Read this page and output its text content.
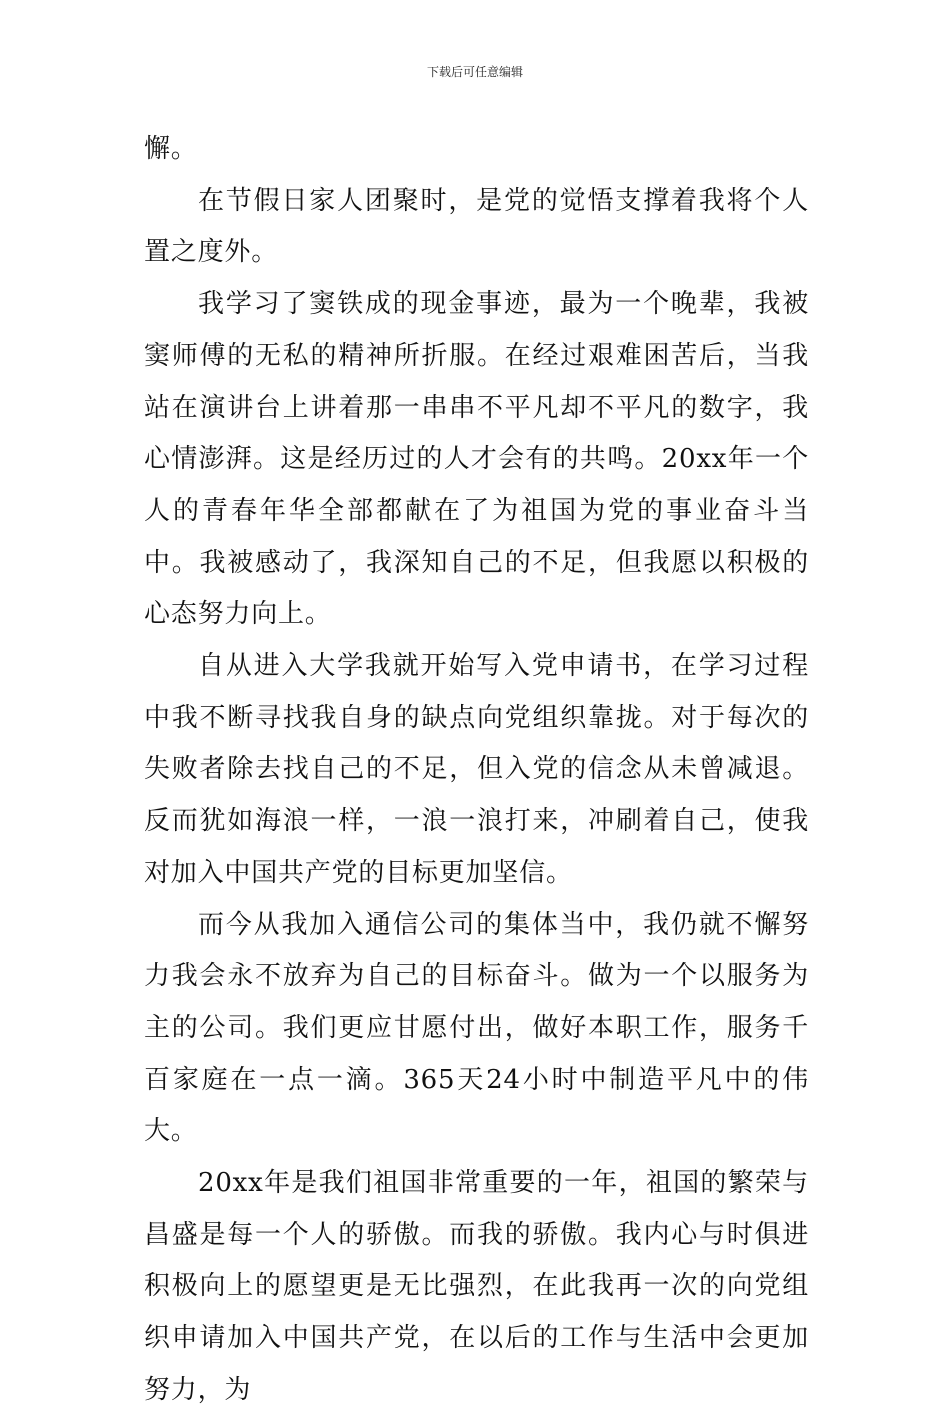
下载后可任意编辑

懈。

在节假日家人团聚时，是党的觉悟支撑着我将个人置之度外。

我学习了窦铁成的现金事迹，最为一个晚辈，我被窦师傅的无私的精神所折服。在经过艰难困苦后，当我站在演讲台上讲着那一串串不平凡却不平凡的数字，我心情澎湃。这是经历过的人才会有的共鸣。20xx年一个人的青春年华全部都献在了为祖国为党的事业奋斗当中。我被感动了，我深知自己的不足，但我愿以积极的心态努力向上。

自从进入大学我就开始写入党申请书，在学习过程中我不断寻找我自身的缺点向党组织靠拢。对于每次的失败者除去找自己的不足，但入党的信念从未曾减退。反而犹如海浪一样，一浪一浪打来，冲刷着自己，使我对加入中国共产党的目标更加坚信。

而今从我加入通信公司的集体当中，我仍就不懈努力我会永不放弃为自己的目标奋斗。做为一个以服务为主的公司。我们更应甘愿付出，做好本职工作，服务千百家庭在一点一滴。365天24小时中制造平凡中的伟大。

20xx年是我们祖国非常重要的一年，祖国的繁荣与昌盛是每一个人的骄傲。而我的骄傲。我内心与时俱进积极向上的愿望更是无比强烈，在此我再一次的向党组织申请加入中国共产党，在以后的工作与生活中会更加努力，为
